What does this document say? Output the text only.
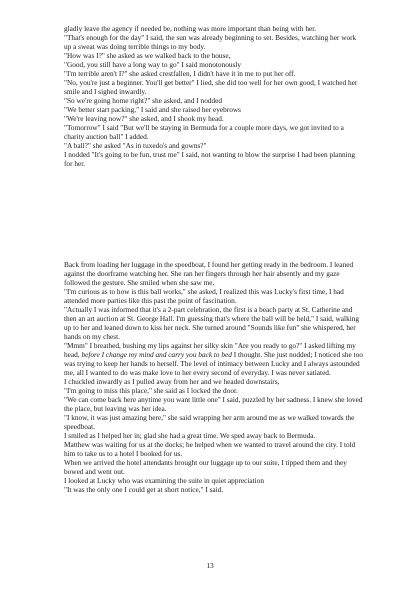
gladly leave the agency if needed be, nothing was more important than being with her.

"That's enough for the day" I said, the sun was already beginning to set. Besides, watching her work up a sweat was doing terrible things to my body.

"How was I?" she asked as we walked back to the house,

"Good, you still have a long way to go" I said monotonously

"I'm terrible aren't I?" she asked crestfallen, I didn't have it in me to put her off.

"No, you're just a beginner. You'll get better" I lied, she did too well for her own good, I watched her smile and I sighed inwardly.

"So we're going home right?" she asked, and I nodded

"We better start packing," I said and she raised her eyebrows

"We're leaving now?" she asked, and I shook my head.

"Tomorrow" I said "But we'll be staying in Bermuda for a couple more days, we got invited to a charity auction ball" I added.

"A ball?" she asked "As in tuxedo's and gowns?"

I nodded "It's going to be fun, trust me" I said, not wanting to blow the surprise I had been planning for her.

Back from loading her luggage in the speedboat, I found her getting ready in the bedroom. I leaned against the doorframe watching her. She ran her fingers through her hair absently and my gaze followed the gesture. She smiled when she saw me,

"I'm curious as to how is this ball works," she asked, I realized this was Lucky's first time, I had attended more parties like this past the point of fascination.

"Actually I was informed that it's a 2-part celebration, the first is a beach party at St. Catherine and then an art auction at St. George Hall. I'm guessing that's where the ball will be held," I said, walking up to her and leaned down to kiss her neck. She turned around "Sounds like fun" she whispered, her hands on my chest.

"Mmm" I breathed, bushing my lips against her silky skin "Are you ready to go?" I asked lifting my head, before I change my mind and carry you back to bed I thought. She just nodded; I noticed she too was trying to keep her hands to herself. The level of intimacy between Lucky and I always astounded me, all I wanted to do was make love to her every second of everyday. I was never satiated.

I chuckled inwardly as I pulled away from her and we headed downstairs,

"I'm going to miss this place," she said as I locked the door.

"We can come back here anytime you want little one" I said, puzzled by her sadness. I knew she loved the place, but leaving was her idea.

"I know, it was just amazing here," she said wrapping her arm around me as we walked towards the speedboat.

I smiled as I helped her in; glad she had a great time. We sped away back to Bermuda.

Matthew was waiting for us at the docks; he helped when we wanted to travel around the city. I told him to take us to a hotel I booked for us.

When we arrived the hotel attendants brought our luggage up to our suite, I tipped them and they bowed and went out.

I looked at Lucky who was examining the suite in quiet appreciation

"It was the only one I could get at short notice," I said.

13
